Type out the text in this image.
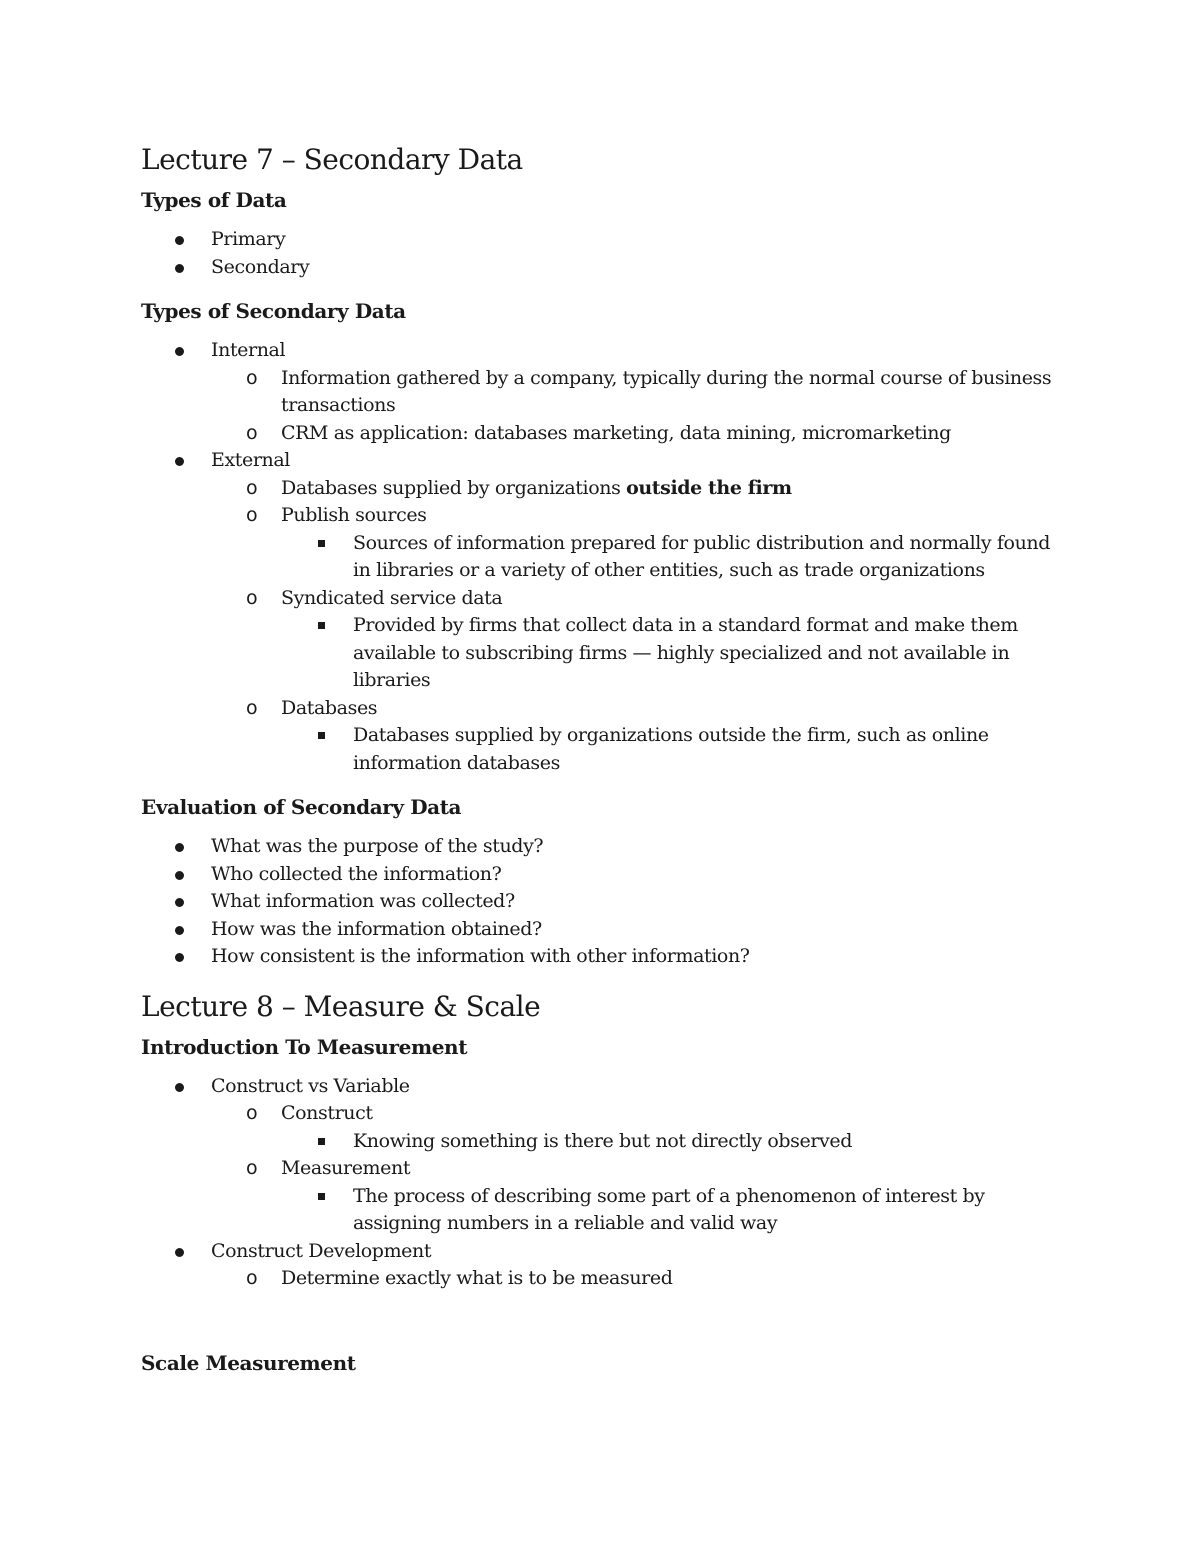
Lecture 7 – Secondary Data
Types of Data
Primary
Secondary
Types of Secondary Data
Internal
o Information gathered by a company, typically during the normal course of business transactions
o CRM as application: databases marketing, data mining, micromarketing
External
o Databases supplied by organizations outside the firm
o Publish sources
Sources of information prepared for public distribution and normally found in libraries or a variety of other entities, such as trade organizations
o Syndicated service data
Provided by firms that collect data in a standard format and make them available to subscribing firms — highly specialized and not available in libraries
o Databases
Databases supplied by organizations outside the firm, such as online information databases
Evaluation of Secondary Data
What was the purpose of the study?
Who collected the information?
What information was collected?
How was the information obtained?
How consistent is the information with other information?
Lecture 8 – Measure & Scale
Introduction To Measurement
Construct vs Variable
o Construct
Knowing something is there but not directly observed
o Measurement
The process of describing some part of a phenomenon of interest by assigning numbers in a reliable and valid way
Construct Development
o Determine exactly what is to be measured
Scale Measurement
